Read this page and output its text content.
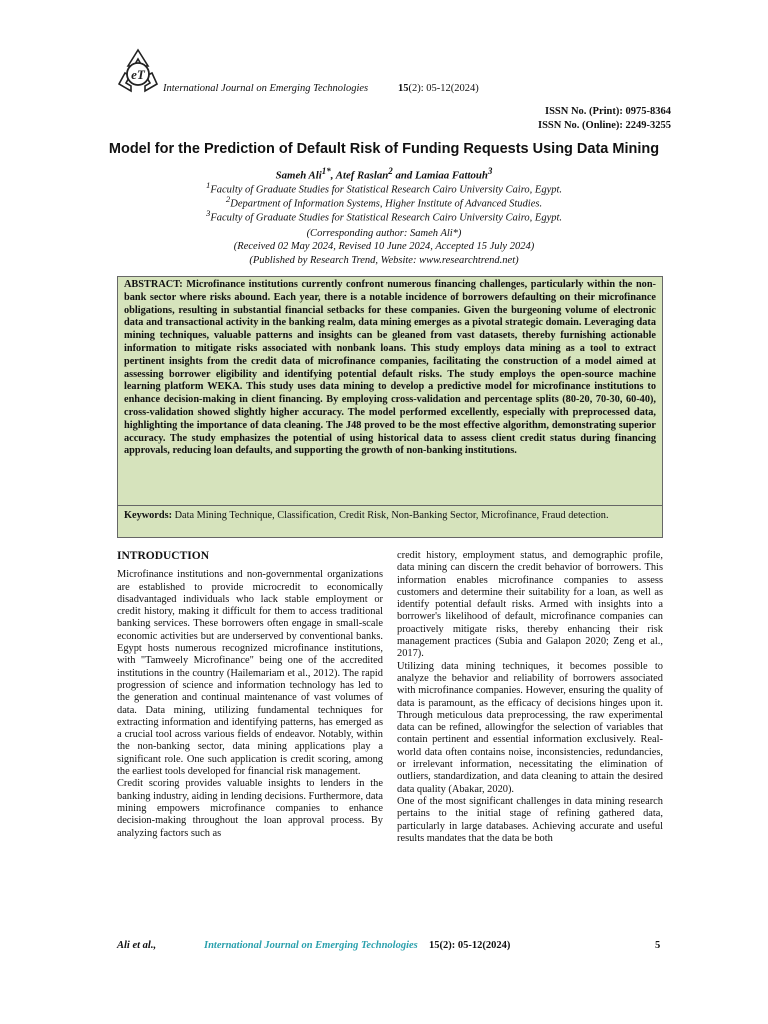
eT
International Journal on Emerging Technologies	15(2): 05-12(2024)
ISSN No. (Print): 0975-8364
ISSN No. (Online): 2249-3255
Model for the Prediction of Default Risk of Funding Requests Using Data Mining
Sameh Ali$^{1*}$, Atef Raslan$^2$ and Lamiaa Fattouh$^3$
$^1$Faculty of Graduate Studies for Statistical Research Cairo University Cairo, Egypt.
$^2$Department of Information Systems, Higher Institute of Advanced Studies.
$^3$Faculty of Graduate Studies for Statistical Research Cairo University Cairo, Egypt.
(Corresponding author: Sameh Ali*)
(Received 02 May 2024, Revised 10 June 2024, Accepted 15 July 2024)
(Published by Research Trend, Website: www.researchtrend.net)
ABSTRACT: Microfinance institutions currently confront numerous financing challenges, particularly within the non-bank sector where risks abound. Each year, there is a notable incidence of borrowers defaulting on their microfinance obligations, resulting in substantial financial setbacks for these companies. Given the burgeoning volume of electronic data and transactional activity in the banking realm, data mining emerges as a pivotal strategic domain. Leveraging data mining techniques, valuable patterns and insights can be gleaned from vast datasets, thereby furnishing actionable information to mitigate risks associated with nonbank loans. This study employs data mining as a tool to extract pertinent insights from the credit data of microfinance companies, facilitating the construction of a model aimed at assessing borrower eligibility and identifying potential default risks. The study employs the open-source machine learning platform WEKA. This study uses data mining to develop a predictive model for microfinance institutions to enhance decision-making in client financing. By employing cross-validation and percentage splits (80-20, 70-30, 60-40), cross-validation showed slightly higher accuracy. The model performed excellently, especially with preprocessed data, highlighting the importance of data cleaning. The J48 proved to be the most effective algorithm, demonstrating superior accuracy. The study emphasizes the potential of using historical data to assess client credit status during financing approvals, reducing loan defaults, and supporting the growth of non-banking institutions.
Keywords: Data Mining Technique, Classification, Credit Risk, Non-Banking Sector, Microfinance, Fraud detection.
INTRODUCTION

Microfinance institutions and non-governmental organizations are established to provide microcredit to economically disadvantaged individuals who lack stable employment or credit history, making it difficult for them to access traditional banking services. These borrowers often engage in small-scale economic activities but are underserved by conventional banks. Egypt hosts numerous recognized microfinance institutions, with "Tamweely Microfinance" being one of the accredited institutions in the country (Hailemariam et al., 2012). The rapid progression of science and information technology has led to the generation and continual maintenance of vast volumes of data. Data mining, utilizing fundamental techniques for extracting information and identifying patterns, has emerged as a crucial tool across various fields of endeavor. Notably, within the non-banking sector, data mining applications play a significant role. One such application is credit scoring, among the earliest tools developed for financial risk management.

Credit scoring provides valuable insights to lenders in the banking industry, aiding in lending decisions. Furthermore, data mining empowers microfinance companies to enhance decision-making throughout the loan approval process. By analyzing factors such as

credit history, employment status, and demographic profile, data mining can discern the credit behavior of borrowers. This information enables microfinance companies to assess customers and determine their suitability for a loan, as well as identify potential default risks. Armed with insights into a borrower's likelihood of default, microfinance companies can proactively mitigate risks, thereby enhancing their risk management practices (Subia and Galapon 2020; Zeng et al., 2017).

Utilizing data mining techniques, it becomes possible to analyze the behavior and reliability of borrowers associated with microfinance companies. However, ensuring the quality of data is paramount, as the efficacy of decisions hinges upon it. Through meticulous data preprocessing, the raw experimental data can be refined, allowingfor the selection of variables that contain pertinent and essential information exclusively. Real-world data often contains noise, inconsistencies, redundancies, or irrelevant information, necessitating the elimination of outliers, standardization, and data cleaning to attain the desired data quality (Abakar, 2020).

One of the most significant challenges in data mining research pertains to the initial stage of refining gathered data, particularly in large databases. Achieving accurate and useful results mandates that the data be both

Ali et al.,	International Journal on Emerging Technologies 15(2): 05-12(2024)	5
